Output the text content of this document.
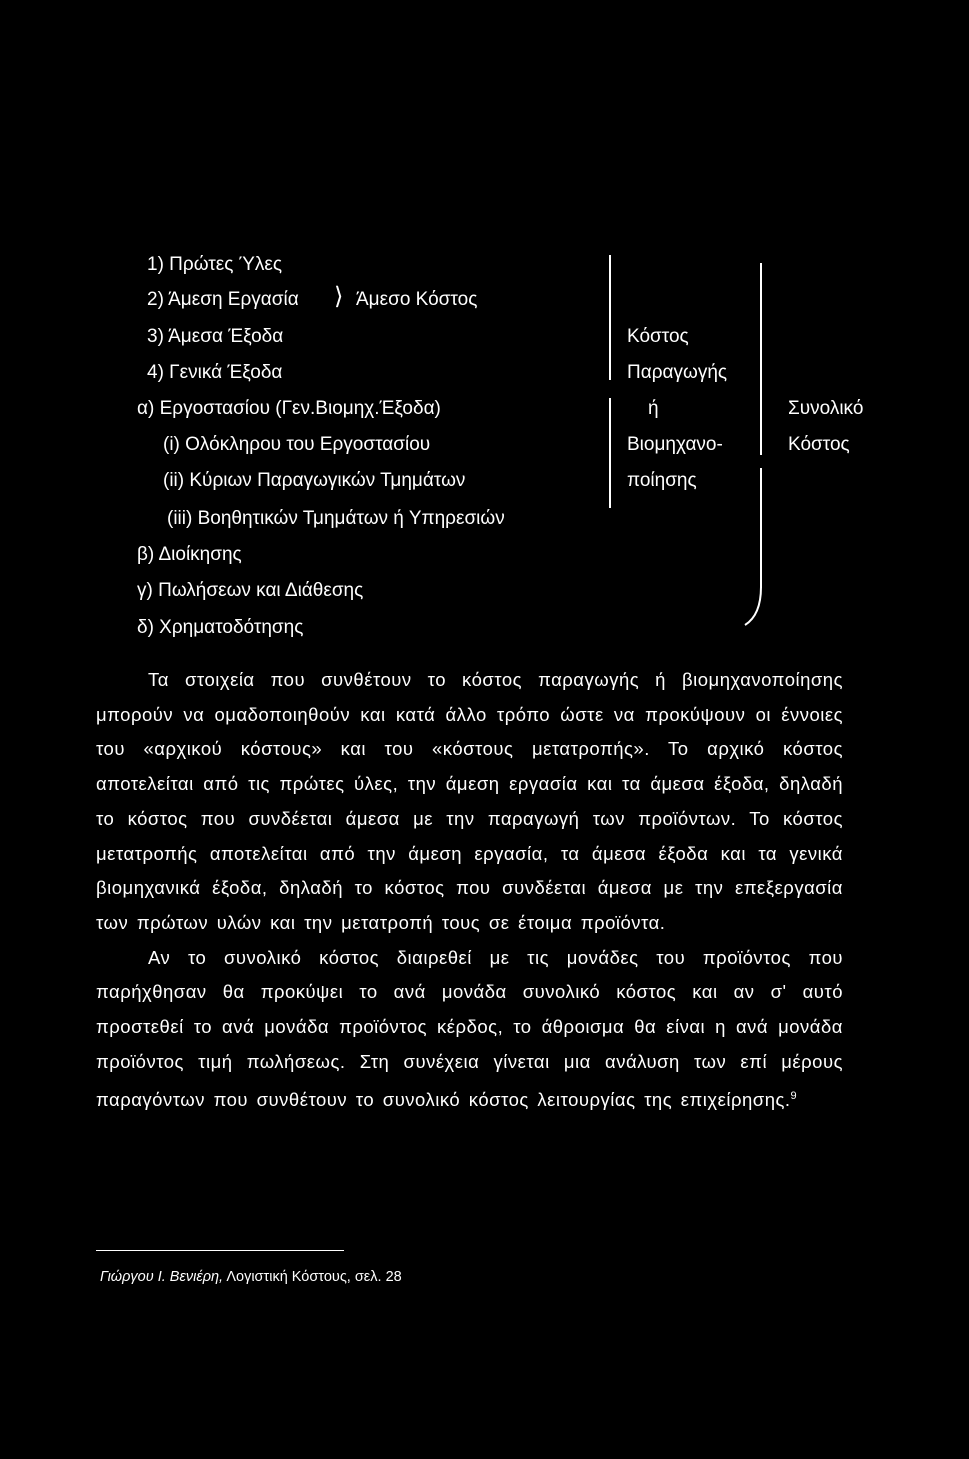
1) Πρώτες Ύλες
2) Άμεση Εργασία ⟩ Άμεσο Κόστος
3) Άμεσα Έξοδα
4) Γενικά Έξοδα
α) Εργοστασίου (Γεν.Βιομηχ.Έξοδα)
(i) Ολόκληρου του Εργοστασίου
(ii) Κύριων Παραγωγικών Τμημάτων
(iii) Βοηθητικών Τμημάτων ή Υπηρεσιών
β) Διοίκησης
γ) Πωλήσεων και Διάθεσης
δ) Χρηματοδότησης
Κόστος
Παραγωγής
ή
Βιομηχανο-
ποίησης
Συνολικό
Κόστος

Τα στοιχεία που συνθέτουν το κόστος παραγωγής ή βιομηχανοποίησης μπορούν να ομαδοποιηθούν και κατά άλλο τρόπο ώστε να προκύψουν οι έννοιες του «αρχικού κόστους» και του «κόστους μετατροπής». Το αρχικό κόστος αποτελείται από τις πρώτες ύλες, την άμεση εργασία και τα άμεσα έξοδα, δηλαδή το κόστος που συνδέεται άμεσα με την παραγωγή των προϊόντων. Το κόστος μετατροπής αποτελείται από την άμεση εργασία, τα άμεσα έξοδα και τα γενικά βιομηχανικά έξοδα, δηλαδή το κόστος που συνδέεται άμεσα με την επεξεργασία των πρώτων υλών και την μετατροπή τους σε έτοιμα προϊόντα.

Αν το συνολικό κόστος διαιρεθεί με τις μονάδες του προϊόντος που παρήχθησαν θα προκύψει το ανά μονάδα συνολικό κόστος και αν σ' αυτό προστεθεί το ανά μονάδα προϊόντος κέρδος, το άθροισμα θα είναι η ανά μονάδα προϊόντος τιμή πωλήσεως. Στη συνέχεια γίνεται μια ανάλυση των επί μέρους παραγόντων που συνθέτουν το συνολικό κόστος λειτουργίας της επιχείρησης.$^9$

Γιώργου Ι. Βενιέρη, Λογιστική Κόστους, σελ. 28
